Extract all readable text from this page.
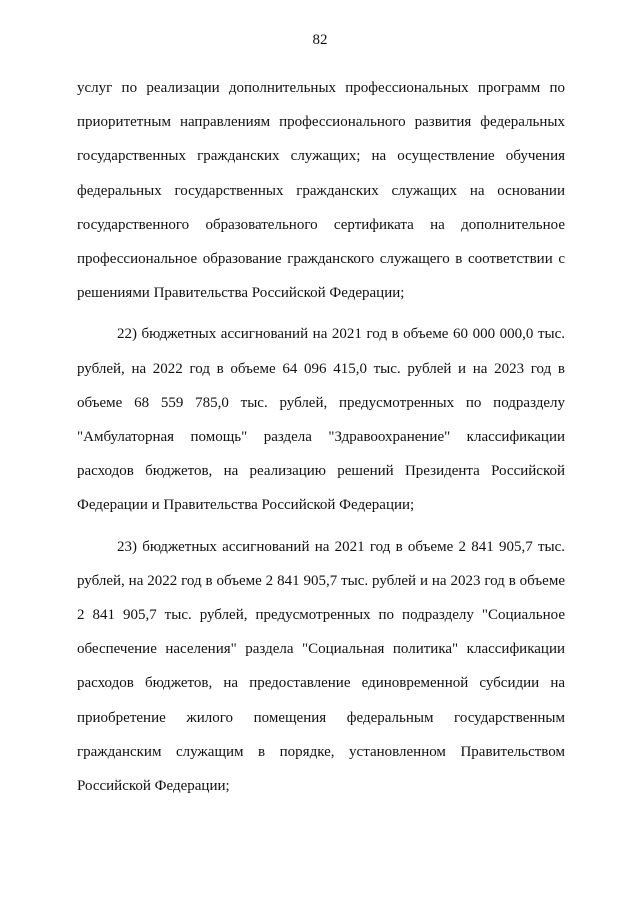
82

услуг по реализации дополнительных профессиональных программ по приоритетным направлениям профессионального развития федеральных государственных гражданских служащих; на осуществление обучения федеральных государственных гражданских служащих на основании государственного образовательного сертификата на дополнительное профессиональное образование гражданского служащего в соответствии с решениями Правительства Российской Федерации;

22) бюджетных ассигнований на 2021 год в объеме 60 000 000,0 тыс. рублей, на 2022 год в объеме 64 096 415,0 тыс. рублей и на 2023 год в объеме 68 559 785,0 тыс. рублей, предусмотренных по подразделу "Амбулаторная помощь" раздела "Здравоохранение" классификации расходов бюджетов, на реализацию решений Президента Российской Федерации и Правительства Российской Федерации;

23) бюджетных ассигнований на 2021 год в объеме 2 841 905,7 тыс. рублей, на 2022 год в объеме 2 841 905,7 тыс. рублей и на 2023 год в объеме 2 841 905,7 тыс. рублей, предусмотренных по подразделу "Социальное обеспечение населения" раздела "Социальная политика" классификации расходов бюджетов, на предоставление единовременной субсидии на приобретение жилого помещения федеральным государственным гражданским служащим в порядке, установленном Правительством Российской Федерации;
